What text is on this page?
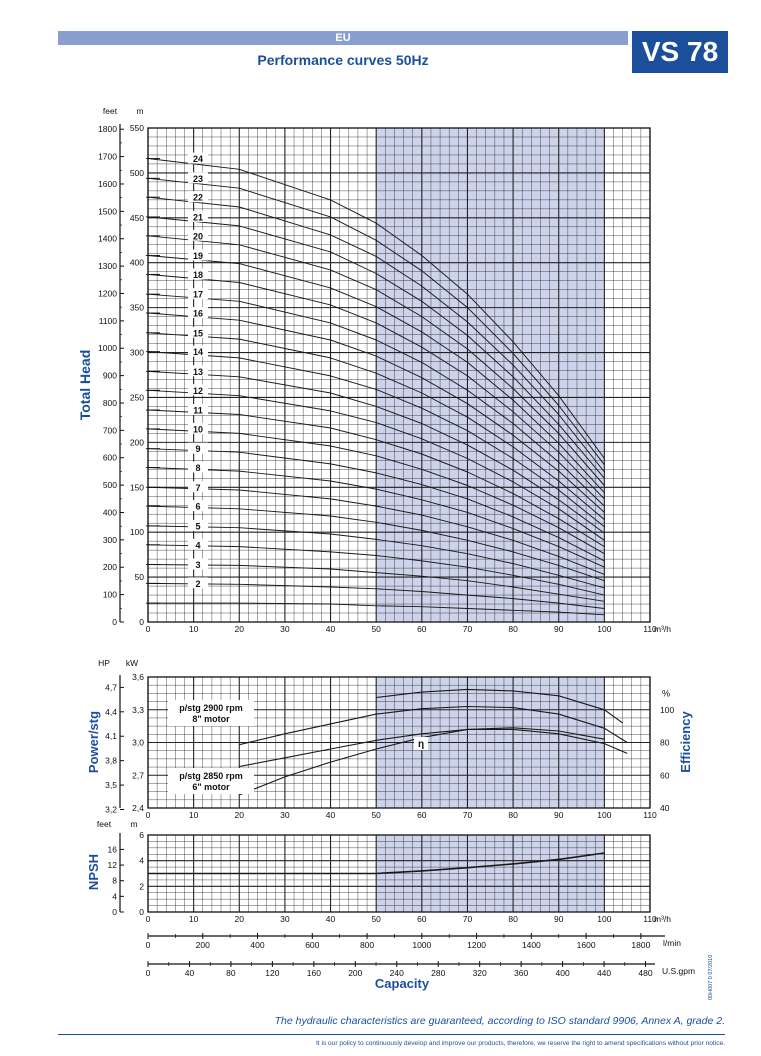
EU	VS 78
Performance curves 50Hz
0
50
100
150
200
250
300
350
400
450
500
550
0
100
200
300
400
500
600
700
800
900
1000
1100
1200
1300
1400
1500
1600
1700
1800
feet m
m³/h
0	10	20	30	40	50	60	70	80	90	100	110
Total Head
2
3
4
5
6
7
8
9
10
11
12
13
14
15
16
17
18
19
20
21
22
23
24
2,4
2,7
3,0
3,3
3,6
3,2
3,5
3,8
4,1
4,4
4,7
HP kW
40
60
80
100
%
Efficiency
Power/stg
0	10	20	30	40	50	60	70	80	90	100	110
p/stg 2900 rpm
8" motor
p/stg 2850 rpm
6" motor
η
0
2
4
6
0
4
8
12
16
feet m
m³/h
0	10	20	30	40	50	60	70	80	90	100	110
NPSH
0	200	400	600	800	1000	1200	1400	1600	1800 l/min
0	40	80	120	160	200	240	280	320	360	400	440	480 U.S.gpm
Capacity
The hydraulic characteristics are guaranteed, according to ISO standard 9906, Annex A, grade 2.
It is our policy to continuously develop and improve our products, therefore, we reserve the right to amend specifications without prior notice.
00H007 0 07/2010
